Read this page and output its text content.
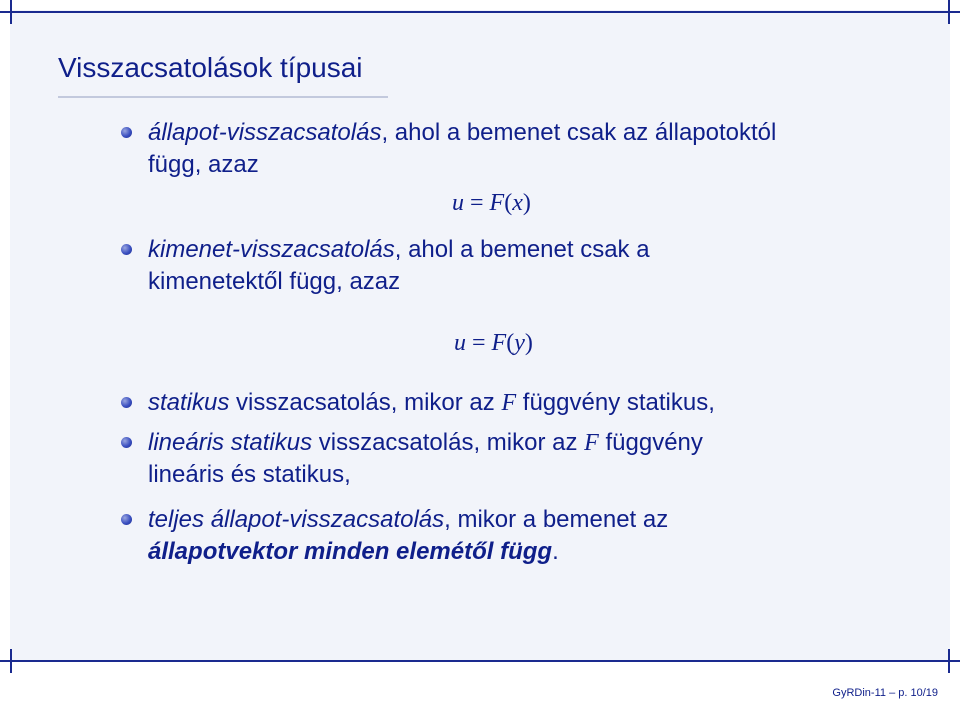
Visszacsatolások típusai
állapot-visszacsatolás, ahol a bemenet csak az állapotoktól
függ, azaz
u = F(x)
kimenet-visszacsatolás, ahol a bemenet csak a
kimenetektől függ, azaz
u = F(y)
statikus visszacsatolás, mikor az F függvény statikus,
lineáris statikus visszacsatolás, mikor az F függvény
lineáris és statikus,
teljes állapot-visszacsatolás, mikor a bemenet az
állapotvektor minden elemétől függ.
GyRDin-11 – p. 10/19
